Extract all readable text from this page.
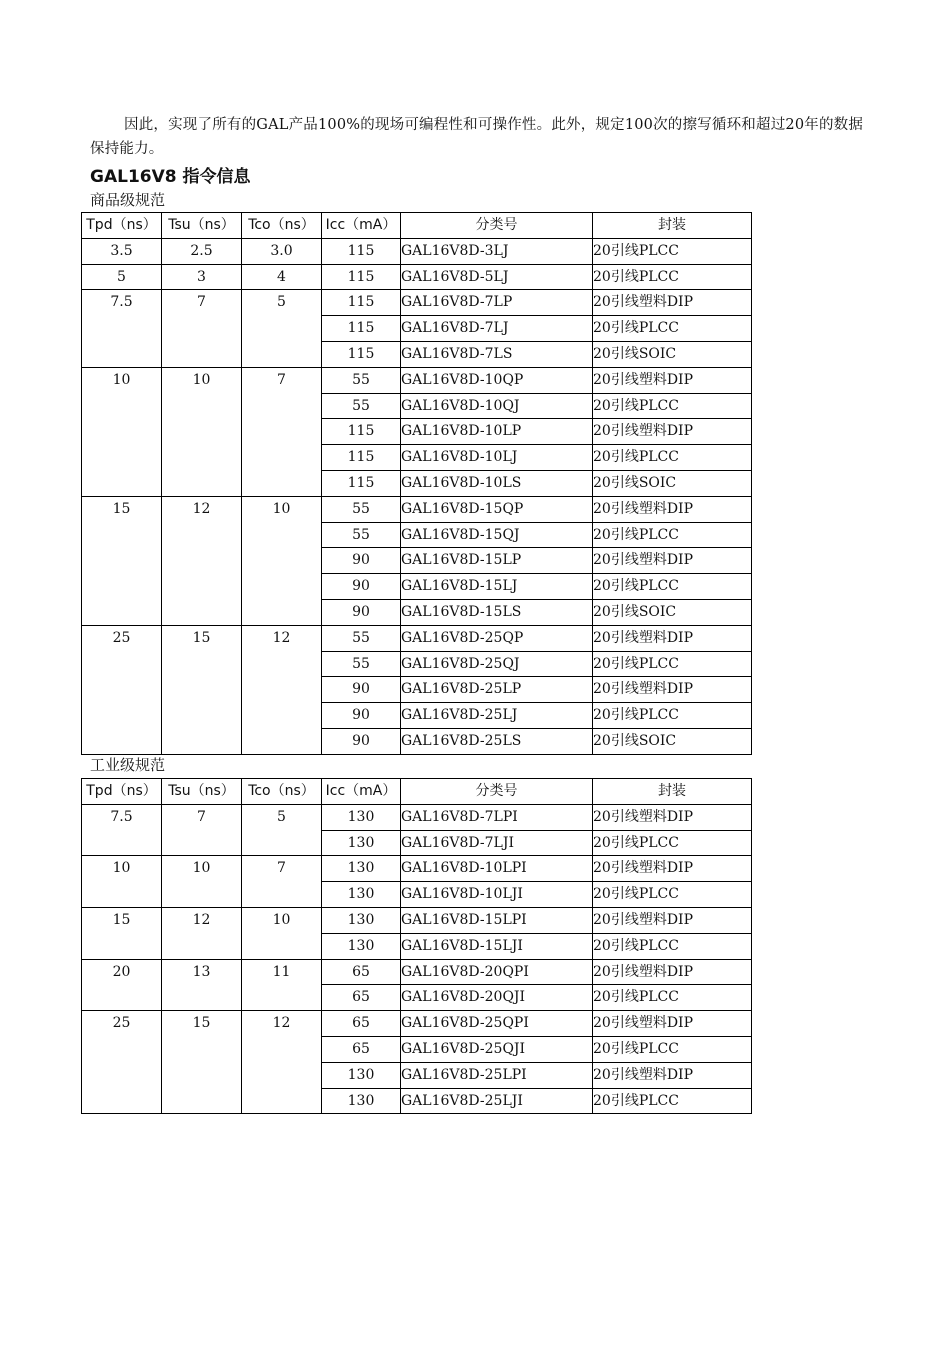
因此，实现了所有的GAL产品100%的现场可编程性和可操作性。此外，规定100次的擦写循环和超过20年的数据保持能力。

GAL16V8 指令信息
商品级规范
Tpd（ns）	Tsu（ns）	Tco（ns）	Icc（mA）	分类号	封装
3.5	2.5	3.0	115	GAL16V8D-3LJ	20引线PLCC
5	3	4	115	GAL16V8D-5LJ	20引线PLCC
7.5	7	5	115	GAL16V8D-7LP	20引线塑料DIP
			115	GAL16V8D-7LJ	20引线PLCC
			115	GAL16V8D-7LS	20引线SOIC
10	10	7	55	GAL16V8D-10QP	20引线塑料DIP
			55	GAL16V8D-10QJ	20引线PLCC
			115	GAL16V8D-10LP	20引线塑料DIP
			115	GAL16V8D-10LJ	20引线PLCC
			115	GAL16V8D-10LS	20引线SOIC
15	12	10	55	GAL16V8D-15QP	20引线塑料DIP
			55	GAL16V8D-15QJ	20引线PLCC
			90	GAL16V8D-15LP	20引线塑料DIP
			90	GAL16V8D-15LJ	20引线PLCC
			90	GAL16V8D-15LS	20引线SOIC
25	15	12	55	GAL16V8D-25QP	20引线塑料DIP
			55	GAL16V8D-25QJ	20引线PLCC
			90	GAL16V8D-25LP	20引线塑料DIP
			90	GAL16V8D-25LJ	20引线PLCC
			90	GAL16V8D-25LS	20引线SOIC
工业级规范
Tpd（ns）	Tsu（ns）	Tco（ns）	Icc（mA）	分类号	封装
7.5	7	5	130	GAL16V8D-7LPI	20引线塑料DIP
			130	GAL16V8D-7LJI	20引线PLCC
10	10	7	130	GAL16V8D-10LPI	20引线塑料DIP
			130	GAL16V8D-10LJI	20引线PLCC
15	12	10	130	GAL16V8D-15LPI	20引线塑料DIP
			130	GAL16V8D-15LJI	20引线PLCC
20	13	11	65	GAL16V8D-20QPI	20引线塑料DIP
			65	GAL16V8D-20QJI	20引线PLCC
25	15	12	65	GAL16V8D-25QPI	20引线塑料DIP
			65	GAL16V8D-25QJI	20引线PLCC
			130	GAL16V8D-25LPI	20引线塑料DIP
			130	GAL16V8D-25LJI	20引线PLCC
